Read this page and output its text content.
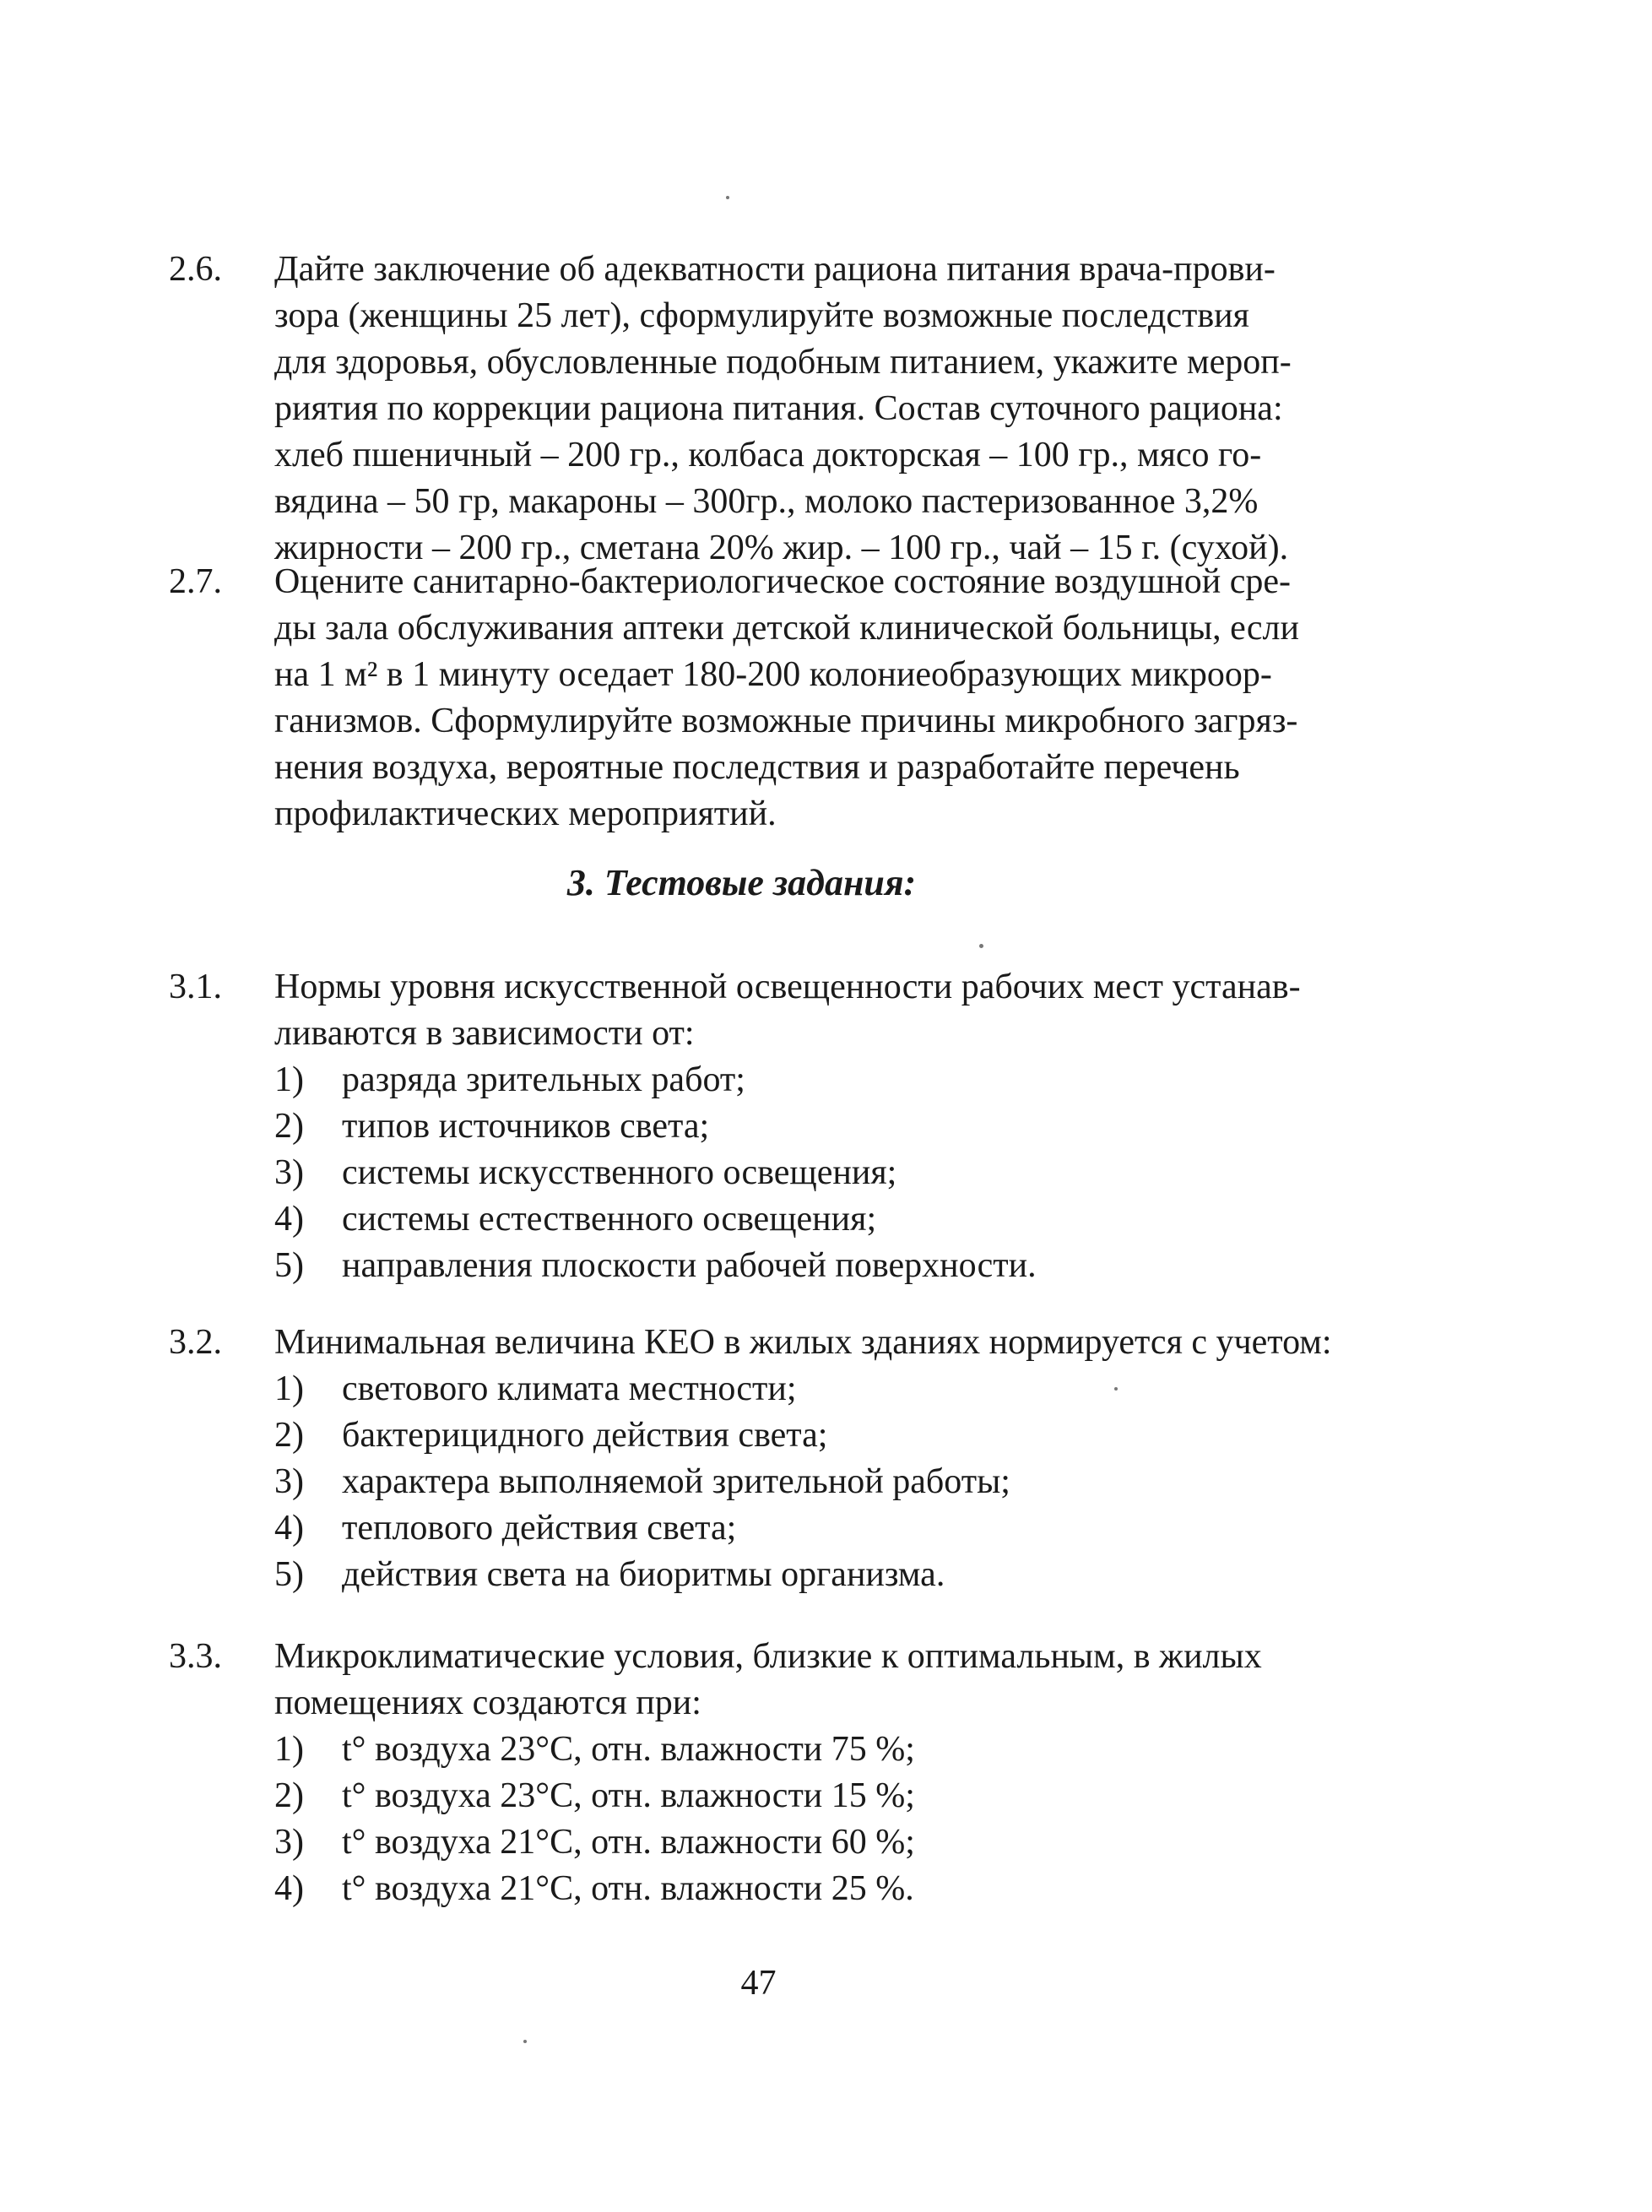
2.6. Дайте заключение об адекватности рациона питания врача-прови-
зора (женщины 25 лет), сформулируйте возможные последствия
для здоровья, обусловленные подобным питанием, укажите мероп-
риятия по коррекции рациона питания. Состав суточного рациона:
хлеб пшеничный – 200 гр., колбаса докторская – 100 гр., мясо го-
вядина – 50 гр, макароны – 300гр., молоко пастеризованное 3,2%
жирности – 200 гр., сметана 20% жир. – 100 гр., чай – 15 г. (сухой).
2.7. Оцените санитарно-бактериологическое состояние воздушной сре-
ды зала обслуживания аптеки детской клинической больницы, если
на 1 м² в 1 минуту оседает 180-200 колониеобразующих микроор-
ганизмов. Сформулируйте возможные причины микробного загряз-
нения воздуха, вероятные последствия и разработайте перечень
профилактических мероприятий.
3. Тестовые задания:
3.1. Нормы уровня искусственной освещенности рабочих мест устанав-
ливаются в зависимости от:
1) разряда зрительных работ;
2) типов источников света;
3) системы искусственного освещения;
4) системы естественного освещения;
5) направления плоскости рабочей поверхности.
3.2. Минимальная величина КЕО в жилых зданиях нормируется с учетом:
1) светового климата местности;
2) бактерицидного действия света;
3) характера выполняемой зрительной работы;
4) теплового действия света;
5) действия света на биоритмы организма.
3.3. Микроклиматические условия, близкие к оптимальным, в жилых
помещениях создаются при:
1) t° воздуха 23°С, отн. влажности 75 %;
2) t° воздуха 23°С, отн. влажности 15 %;
3) t° воздуха 21°С, отн. влажности 60 %;
4) t° воздуха 21°С, отн. влажности 25 %.
47
